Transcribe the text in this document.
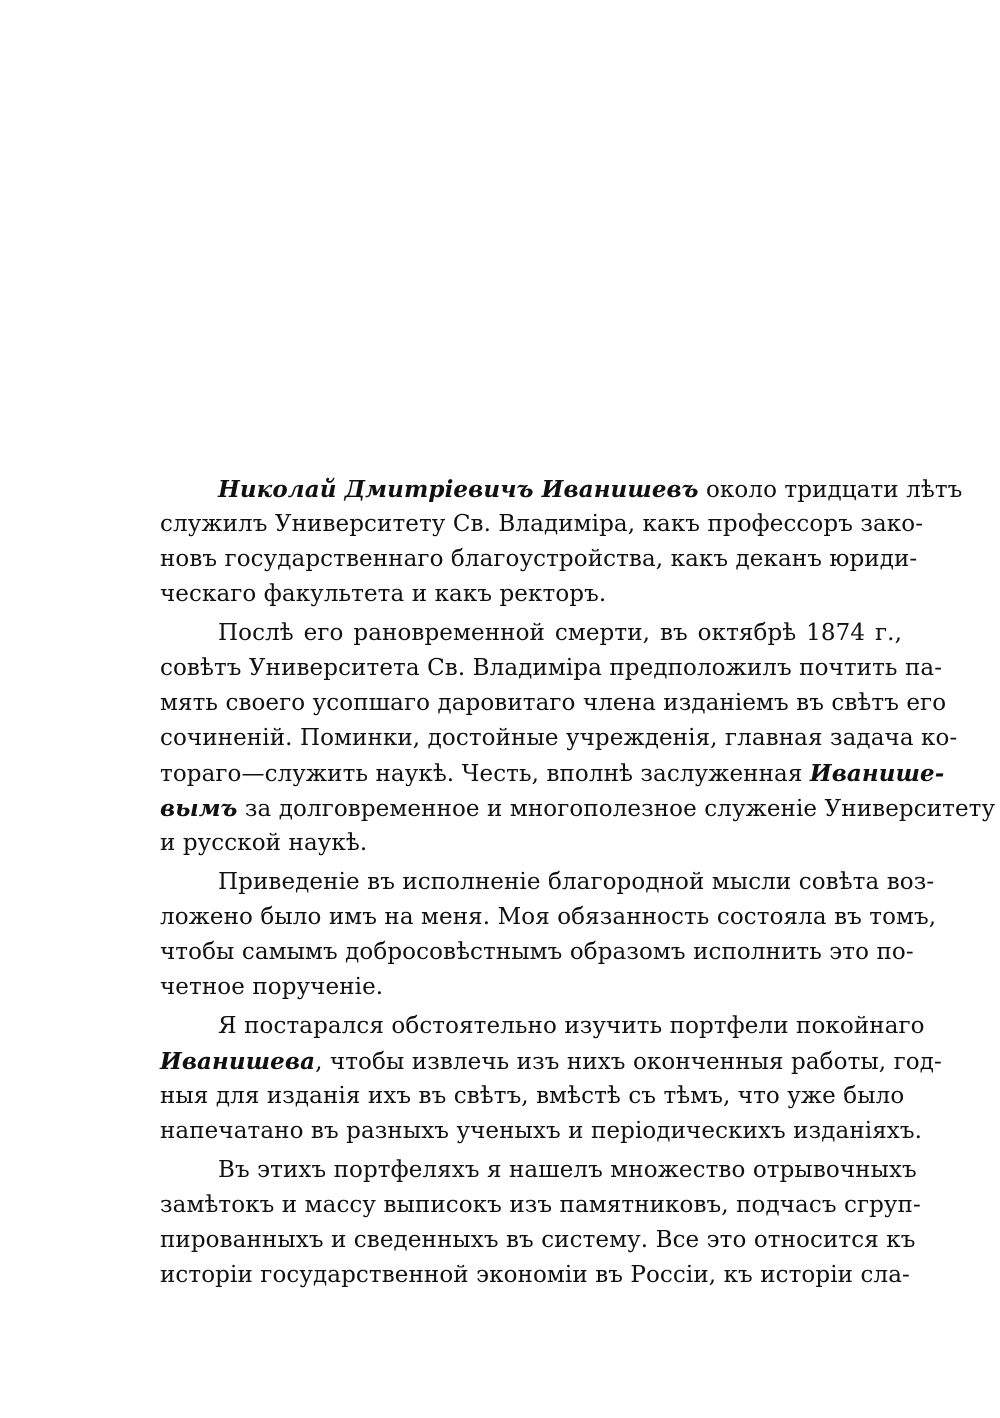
Николай Дмитріевичъ Иванишевъ около тридцати лѣтъ
служилъ Университету Св. Владиміра, какъ профессоръ зако-
новъ государственнаго благоустройства, какъ деканъ юриди-
ческаго факультета и какъ ректоръ.
Послѣ его рановременной смерти, въ октябрѣ 1874 г.,
совѣтъ Университета Св. Владиміра предположилъ почтить па-
мять своего усопшаго даровитаго члена изданіемъ въ свѣтъ его
сочиненій. Поминки, достойные учрежденія, главная задача ко-
тораго—служить наукѣ. Честь, вполнѣ заслуженная Иванише-
вымъ за долговременное и многополезное служеніе Университету
и русской наукѣ.
Приведеніе въ исполненіе благородной мысли совѣта воз-
ложено было имъ на меня. Моя обязанность состояла въ томъ,
чтобы самымъ добросовѣстнымъ образомъ исполнить это по-
четное порученіе.
Я постарался обстоятельно изучить портфели покойнаго
Иванишева, чтобы извлечь изъ нихъ оконченныя работы, год-
ныя для изданія ихъ въ свѣтъ, вмѣстѣ съ тѣмъ, что уже было
напечатано въ разныхъ ученыхъ и періодическихъ изданіяхъ.
Въ этихъ портфеляхъ я нашелъ множество отрывочныхъ
замѣтокъ и массу выписокъ изъ памятниковъ, подчасъ сгруп-
пированныхъ и сведенныхъ въ систему. Все это относится къ
исторіи государственной экономіи въ Россіи, къ исторіи сла-
